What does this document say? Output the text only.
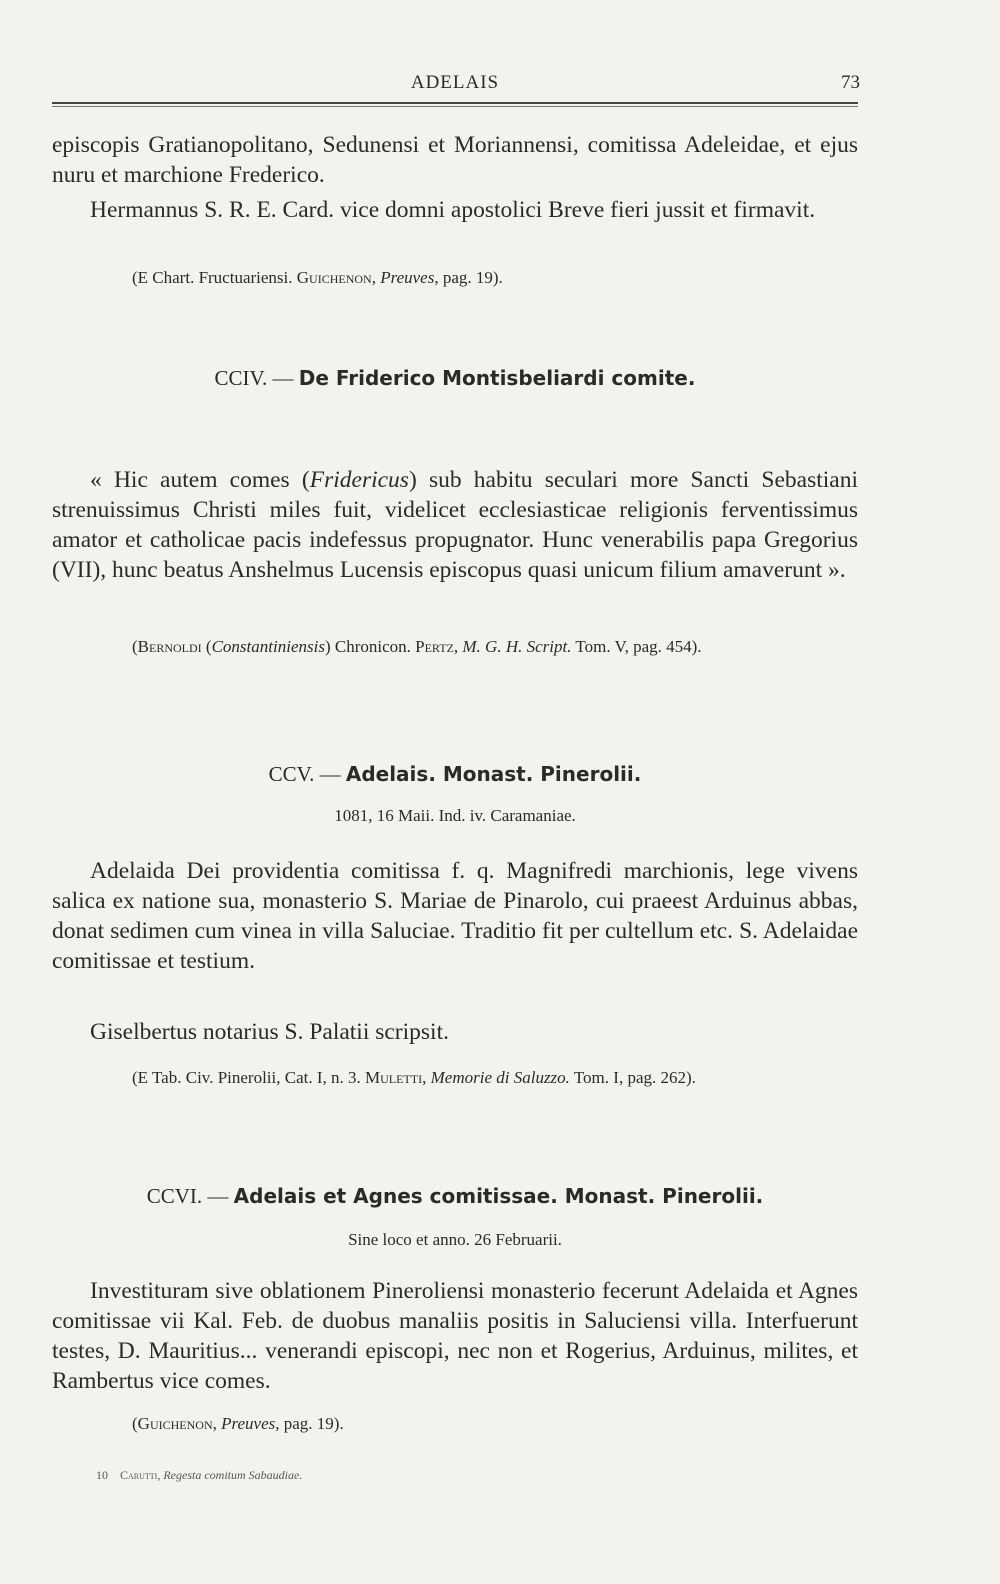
ADELAIS	73
episcopis Gratianopolitano, Sedunensi et Moriannensi, comitissa Adeleidae, et ejus nuru et marchione Frederico.
Hermannus S. R. E. Card. vice domni apostolici Breve fieri jussit et firmavit.
(E Chart. Fructuariensi. Guichenon, Preuves, pag. 19).
CCIV. — De Friderico Montisbeliardi comite.
« Hic autem comes (Fridericus) sub habitu seculari more Sancti Sebastiani strenuissimus Christi miles fuit, videlicet ecclesiasticae religionis ferventissimus amator et catholicae pacis indefessus propugnator. Hunc venerabilis papa Gregorius (VII), hunc beatus Anshelmus Lucensis episcopus quasi unicum filium amaverunt ».
(Bernoldi (Constantiniensis) Chronicon. Pertz, M. G. H. Script. Tom. V, pag. 454).
CCV. — Adelais. Monast. Pinerolii.
1081, 16 Maii. Ind. iv. Caramaniae.
Adelaida Dei providentia comitissa f. q. Magnifredi marchionis, lege vivens salica ex natione sua, monasterio S. Mariae de Pinarolo, cui praeest Arduinus abbas, donat sedimen cum vinea in villa Saluciae. Traditio fit per cultellum etc. S. Adelaidae comitissae et testium.
Giselbertus notarius S. Palatii scripsit.
(E Tab. Civ. Pinerolii, Cat. I, n. 3. Muletti, Memorie di Saluzzo. Tom. I, pag. 262).
CCVI. — Adelais et Agnes comitissae. Monast. Pinerolii.
Sine loco et anno. 26 Februarii.
Investituram sive oblationem Pineroliensi monasterio fecerunt Adelaida et Agnes comitissae vii Kal. Feb. de duobus manaliis positis in Saluciensi villa. Interfuerunt testes, D. Mauritius... venerandi episcopi, nec non et Rogerius, Arduinus, milites, et Rambertus vice comes.
(Guichenon, Preuves, pag. 19).
10 Carutti, Regesta comitum Sabaudiae.
